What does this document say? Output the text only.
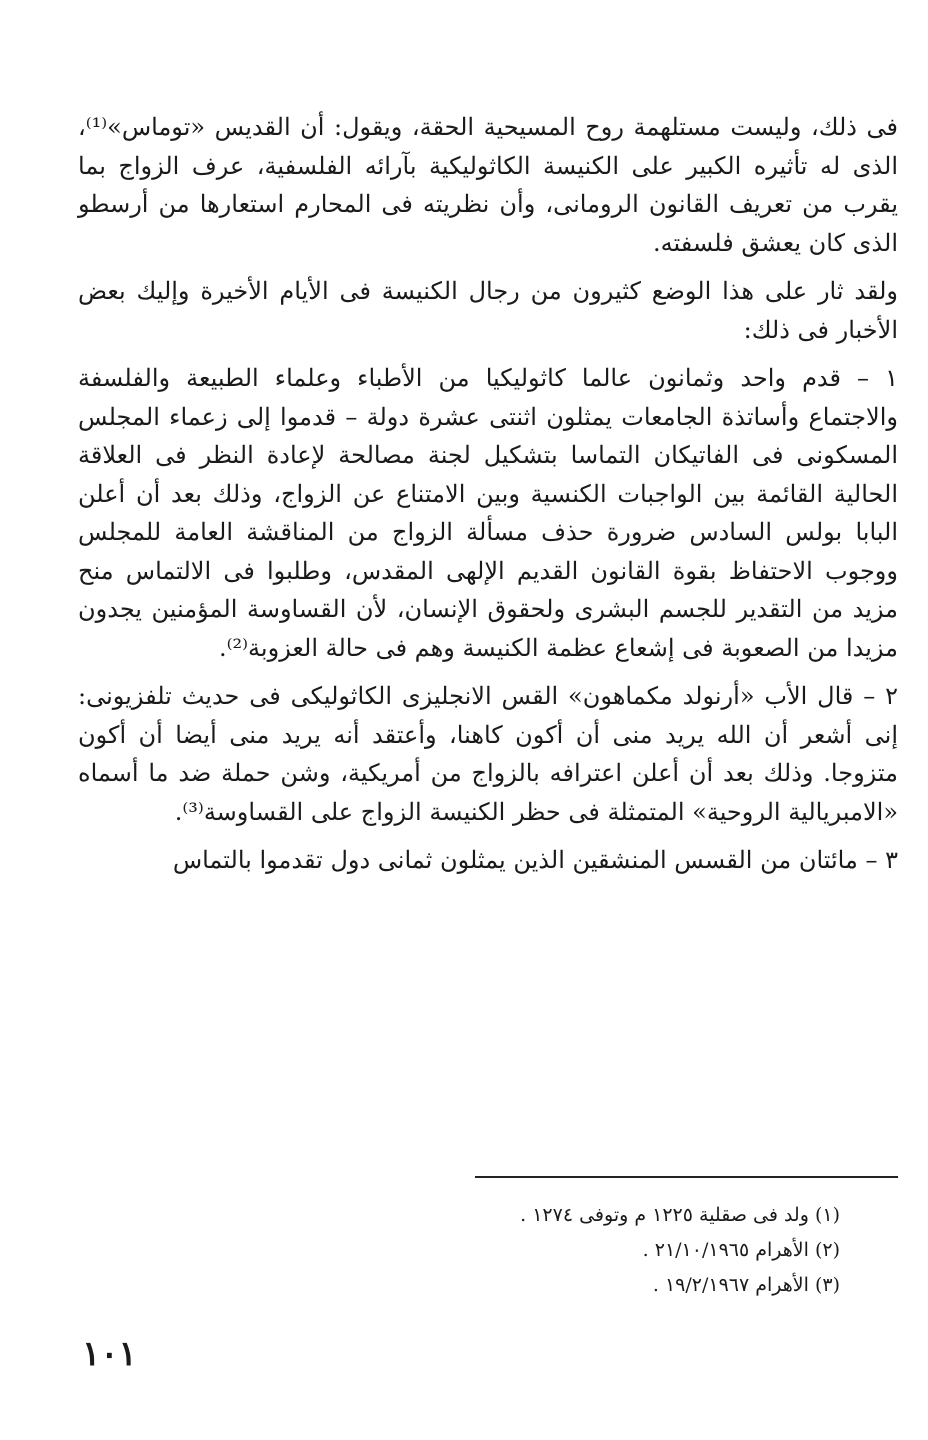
فى ذلك، وليست مستلهمة روح المسيحية الحقة، ويقول: أن القديس «توماس»⁽¹⁾، الذى له تأثيره الكبير على الكنيسة الكاثوليكية بآرائه الفلسفية، عرف الزواج بما يقرب من تعريف القانون الرومانى، وأن نظريته فى المحارم استعارها من أرسطو الذى كان يعشق فلسفته.

ولقد ثار على هذا الوضع كثيرون من رجال الكنيسة فى الأيام الأخيرة وإليك بعض الأخبار فى ذلك:

١ – قدم واحد وثمانون عالما كاثوليكيا من الأطباء وعلماء الطبيعة والفلسفة والاجتماع وأساتذة الجامعات يمثلون اثنتى عشرة دولة – قدموا إلى زعماء المجلس المسكونى فى الفاتيكان التماسا بتشكيل لجنة مصالحة لإعادة النظر فى العلاقة الحالية القائمة بين الواجبات الكنسية وبين الامتناع عن الزواج، وذلك بعد أن أعلن البابا بولس السادس ضرورة حذف مسألة الزواج من المناقشة العامة للمجلس ووجوب الاحتفاظ بقوة القانون القديم الإلهى المقدس، وطلبوا فى الالتماس منح مزيد من التقدير للجسم البشرى ولحقوق الإنسان، لأن القساوسة المؤمنين يجدون مزيدا من الصعوبة فى إشعاع عظمة الكنيسة وهم فى حالة العزوبة⁽²⁾.

٢ – قال الأب «أرنولد مكماهون» القس الانجليزى الكاثوليكى فى حديث تلفزيونى: إنى أشعر أن الله يريد منى أن أكون كاهنا، وأعتقد أنه يريد منى أيضا أن أكون متزوجا. وذلك بعد أن أعلن اعترافه بالزواج من أمريكية، وشن حملة ضد ما أسماه «الامبريالية الروحية» المتمثلة فى حظر الكنيسة الزواج على القساوسة⁽³⁾.

٣ – مائتان من القسس المنشقين الذين يمثلون ثمانى دول تقدموا بالتماس

(١) ولد فى صقلية ١٢٢٥ م وتوفى ١٢٧٤ .

(٢) الأهرام ٢١/١٠/١٩٦٥ .

(٣) الأهرام ١٩/٢/١٩٦٧ .

١٠١
